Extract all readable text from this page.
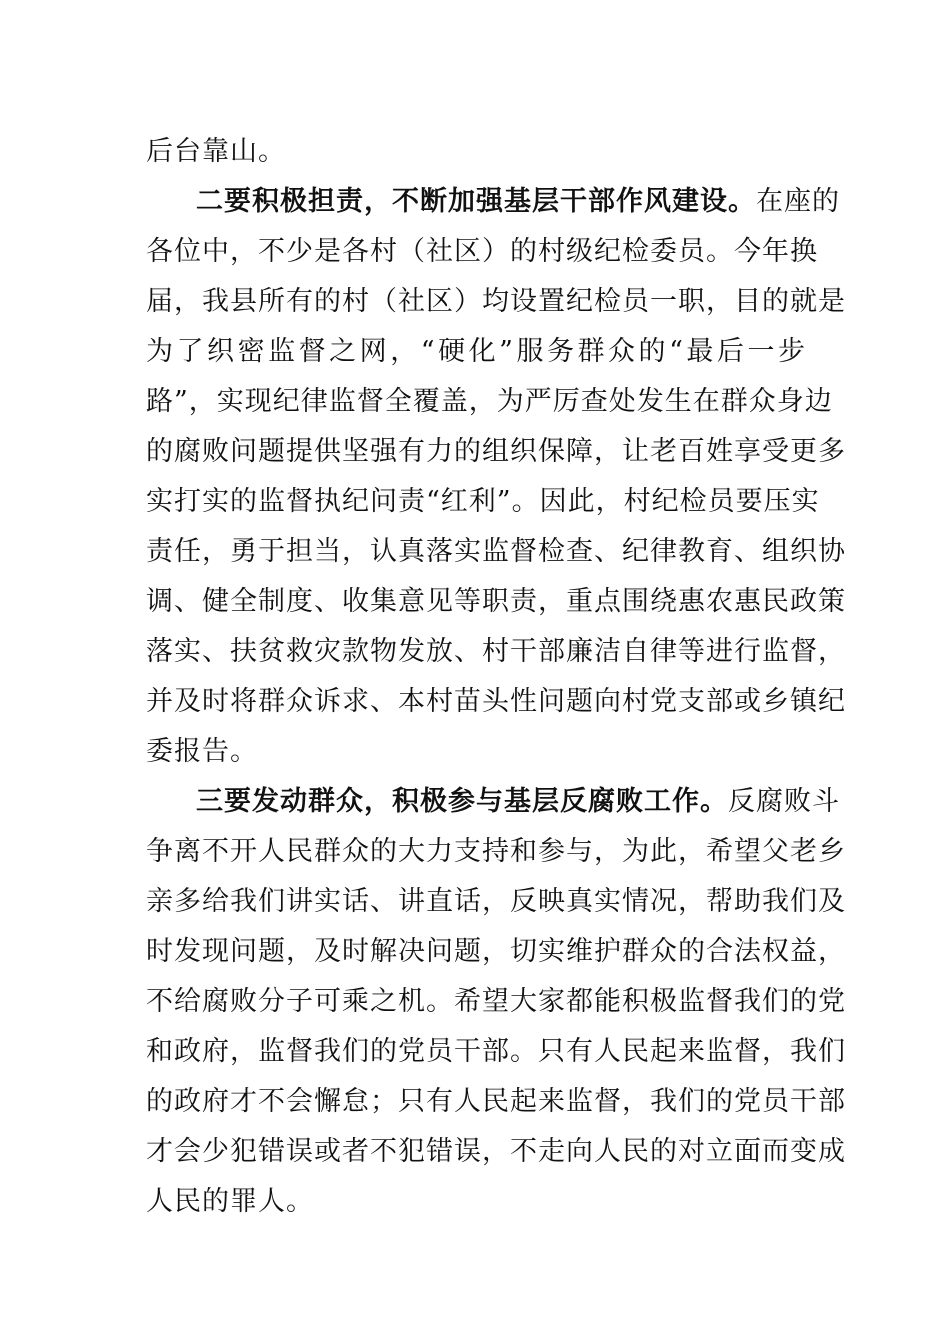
后台靠山。
二要积极担责，不断加强基层干部作风建设。在座的
各位中，不少是各村（社区）的村级纪检委员。今年换
届，我县所有的村（社区）均设置纪检员一职，目的就是
为了织密监督之网，“硬化”服务群众的“最后一步
路”，实现纪律监督全覆盖，为严厉查处发生在群众身边
的腐败问题提供坚强有力的组织保障，让老百姓享受更多
实打实的监督执纪问责“红利”。因此，村纪检员要压实
责任，勇于担当，认真落实监督检查、纪律教育、组织协
调、健全制度、收集意见等职责，重点围绕惠农惠民政策
落实、扶贫救灾款物发放、村干部廉洁自律等进行监督，
并及时将群众诉求、本村苗头性问题向村党支部或乡镇纪
委报告。
三要发动群众，积极参与基层反腐败工作。反腐败斗
争离不开人民群众的大力支持和参与，为此，希望父老乡
亲多给我们讲实话、讲直话，反映真实情况，帮助我们及
时发现问题，及时解决问题，切实维护群众的合法权益，
不给腐败分子可乘之机。希望大家都能积极监督我们的党
和政府，监督我们的党员干部。只有人民起来监督，我们
的政府才不会懈怠；只有人民起来监督，我们的党员干部
才会少犯错误或者不犯错误，不走向人民的对立面而变成
人民的罪人。
